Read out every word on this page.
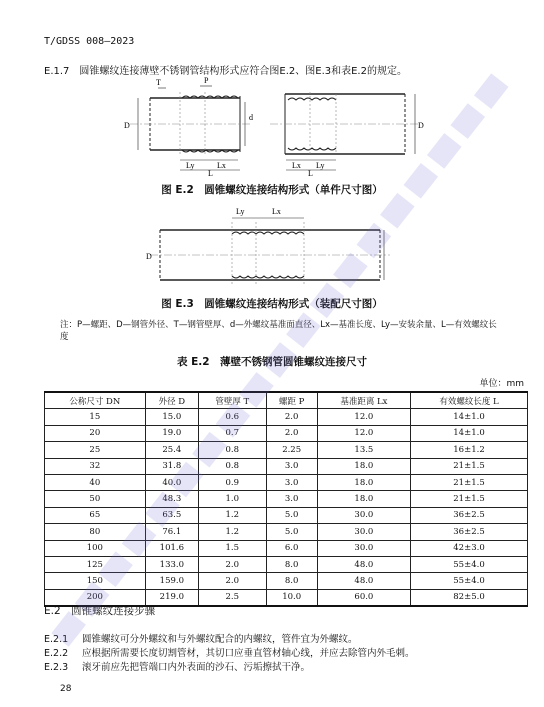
T/GDSS 008—2023
E.1.7　圆锥螺纹连接薄壁不锈钢管结构形式应符合图E.2、图E.3和表E.2的规定。
T	P
D
d
Ly	Lx
L
D
Lx Ly
L
图 E.2　圆锥螺纹连接结构形式（单件尺寸图）
Ly	Lx
D
图 E.3　圆锥螺纹连接结构形式（装配尺寸图）
注：P—螺距、D—钢管外径、T—钢管壁厚、d—外螺纹基准面直径、Lx—基准长度、Ly—安装余量、L—有效螺纹长度
表 E.2　薄壁不锈钢管圆锥螺纹连接尺寸
单位：mm
公称尺寸 DN	外径 D	管壁厚 T	螺距 P	基准距离 Lx	有效螺纹长度 L
15	15.0	0.6	2.0	12.0	14±1.0
20	19.0	0.7	2.0	12.0	14±1.0
25	25.4	0.8	2.25	13.5	16±1.2
32	31.8	0.8	3.0	18.0	21±1.5
40	40.0	0.9	3.0	18.0	21±1.5
50	48.3	1.0	3.0	18.0	21±1.5
65	63.5	1.2	5.0	30.0	36±2.5
80	76.1	1.2	5.0	30.0	36±2.5
100	101.6	1.5	6.0	30.0	42±3.0
125	133.0	2.0	8.0	48.0	55±4.0
150	159.0	2.0	8.0	48.0	55±4.0
200	219.0	2.5	10.0	60.0	82±5.0
E.2　圆锥螺纹连接步骤
E.2.1 圆锥螺纹可分外螺纹和与外螺纹配合的内螺纹，管件宜为外螺纹。
E.2.2 应根据所需要长度切割管材，其切口应垂直管材轴心线，并应去除管内外毛刺。
E.2.3 滚牙前应先把管端口内外表面的沙石、污垢擦拭干净。
28
